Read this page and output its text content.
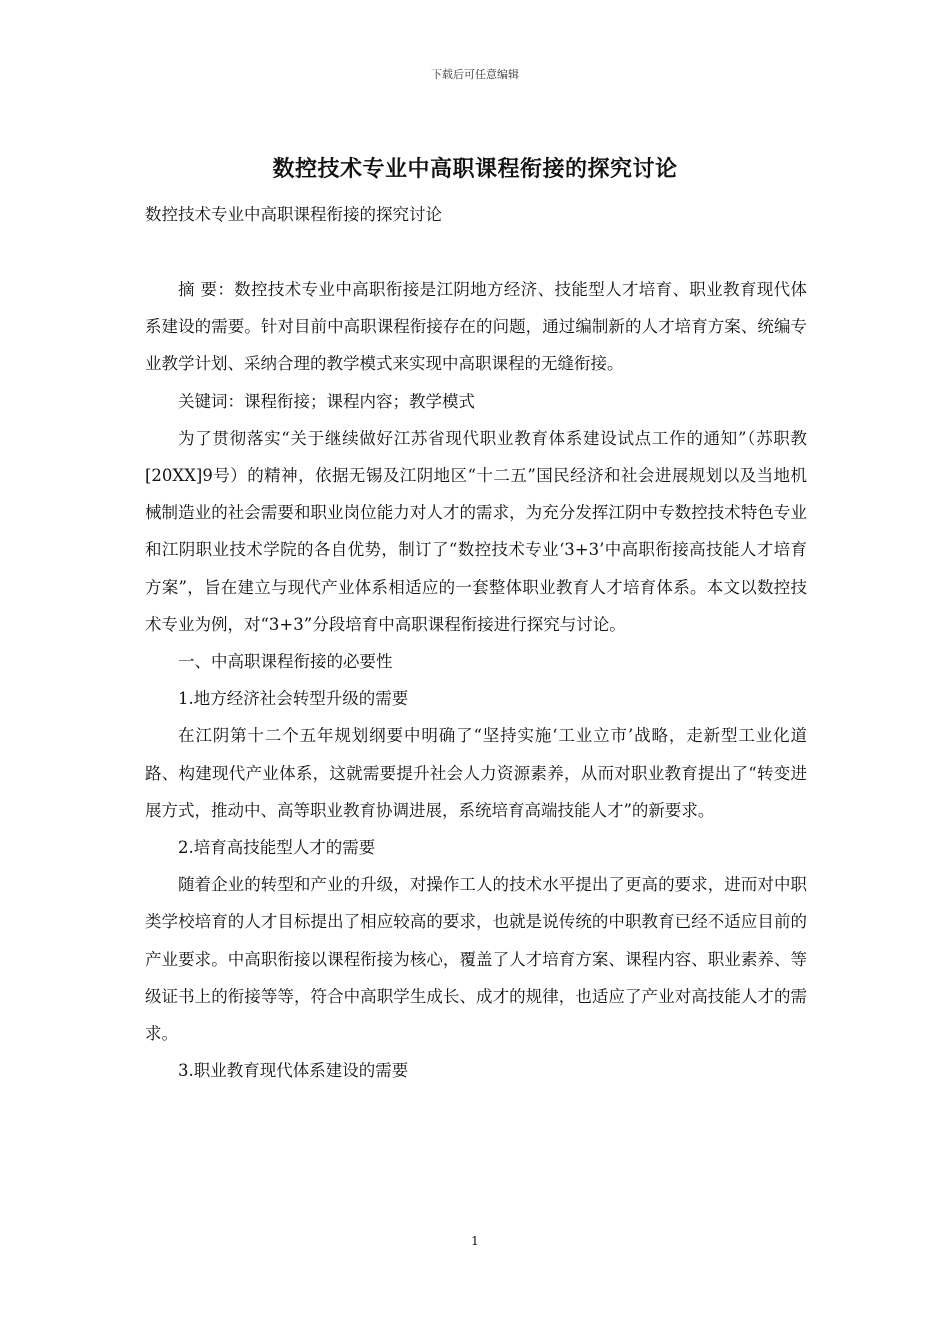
下载后可任意编辑
数控技术专业中高职课程衔接的探究讨论
数控技术专业中高职课程衔接的探究讨论

摘 要：数控技术专业中高职衔接是江阴地方经济、技能型人才培育、职业教育现代体系建设的需要。针对目前中高职课程衔接存在的问题，通过编制新的人才培育方案、统编专业教学计划、采纳合理的教学模式来实现中高职课程的无缝衔接。

关键词：课程衔接；课程内容；教学模式

为了贯彻落实“关于继续做好江苏省现代职业教育体系建设试点工作的通知”（苏职教[20XX]9号）的精神，依据无锡及江阴地区“十二五”国民经济和社会进展规划以及当地机械制造业的社会需要和职业岗位能力对人才的需求，为充分发挥江阴中专数控技术特色专业和江阴职业技术学院的各自优势，制订了“数控技术专业‘3+3’中高职衔接高技能人才培育方案”，旨在建立与现代产业体系相适应的一套整体职业教育人才培育体系。本文以数控技术专业为例，对“3+3”分段培育中高职课程衔接进行探究与讨论。

一、中高职课程衔接的必要性

1.地方经济社会转型升级的需要

在江阴第十二个五年规划纲要中明确了“坚持实施‘工业立市’战略，走新型工业化道路、构建现代产业体系，这就需要提升社会人力资源素养，从而对职业教育提出了“转变进展方式，推动中、高等职业教育协调进展，系统培育高端技能人才”的新要求。

2.培育高技能型人才的需要

随着企业的转型和产业的升级，对操作工人的技术水平提出了更高的要求，进而对中职类学校培育的人才目标提出了相应较高的要求，也就是说传统的中职教育已经不适应目前的产业要求。中高职衔接以课程衔接为核心，覆盖了人才培育方案、课程内容、职业素养、等级证书上的衔接等等，符合中高职学生成长、成才的规律，也适应了产业对高技能人才的需求。

3.职业教育现代体系建设的需要

1
